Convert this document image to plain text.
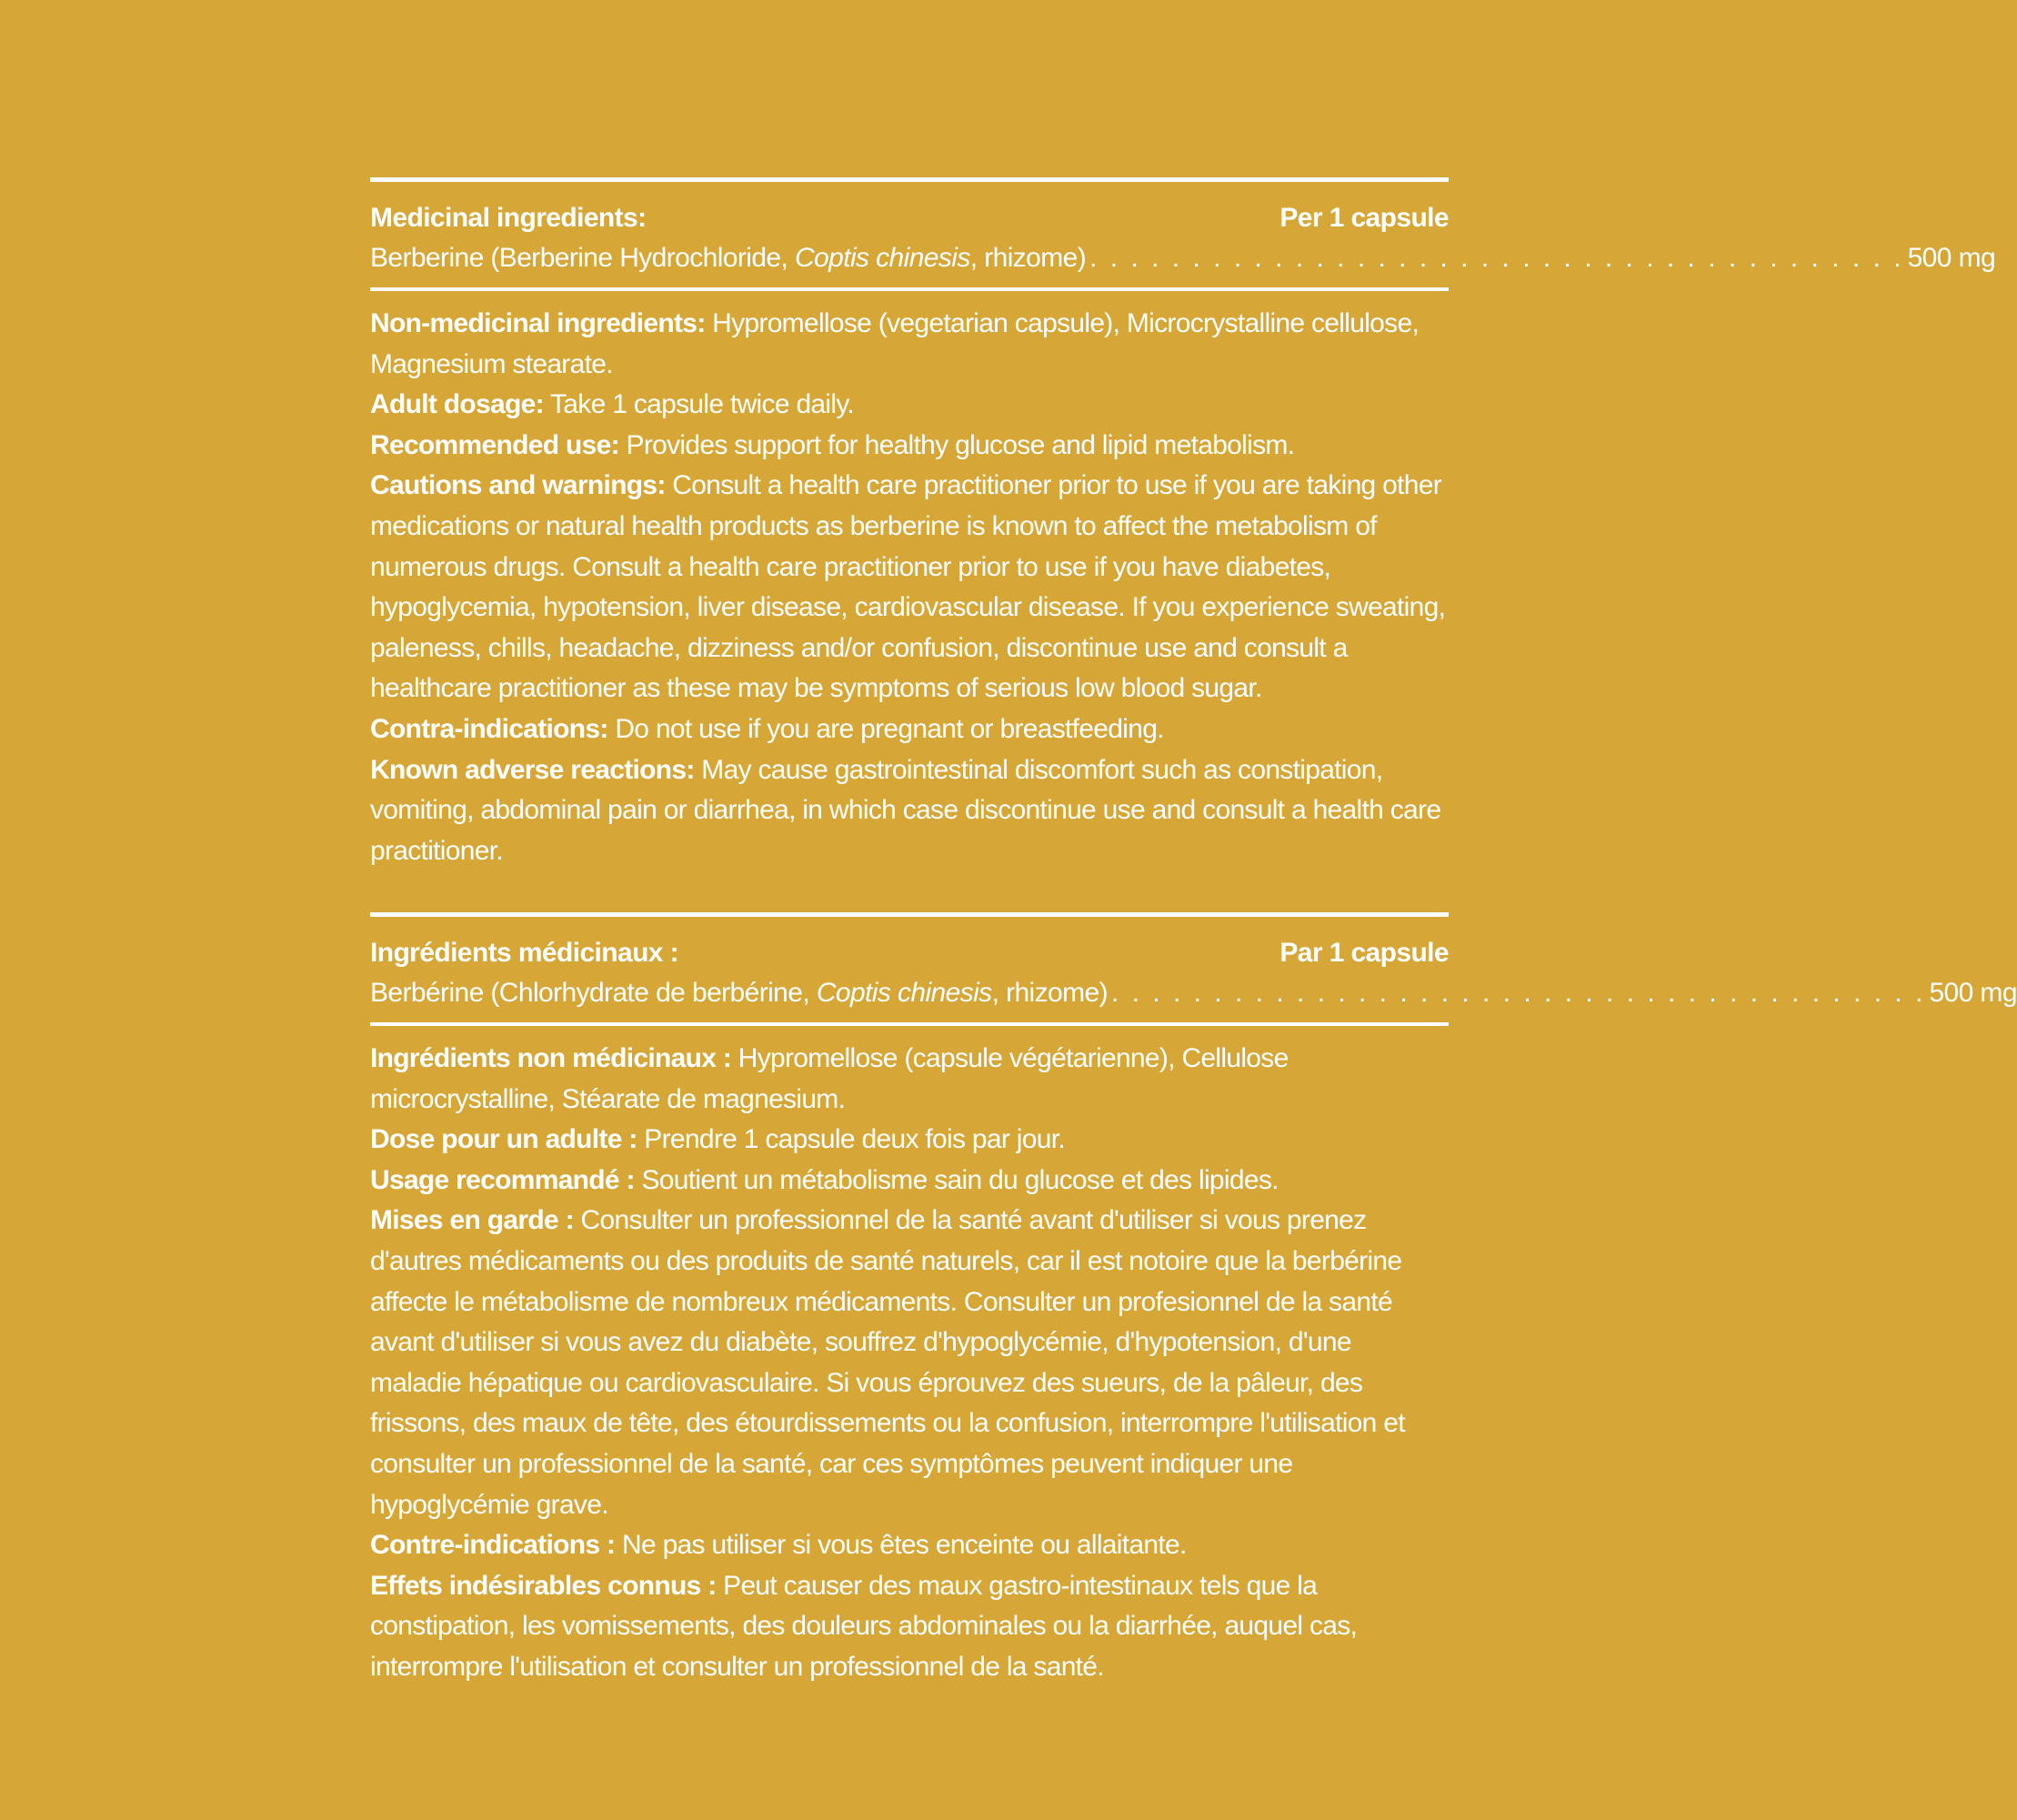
Medicinal ingredients:	Per 1 capsule
Berberine (Berberine Hydrochloride, Coptis chinesis, rhizome) . . . . . . . . . . . . . . . . . . . . . . . . . . . . . . . . . . . . . . . . 500 mg

Non-medicinal ingredients: Hypromellose (vegetarian capsule), Microcrystalline cellulose, Magnesium stearate.

Adult dosage: Take 1 capsule twice daily.

Recommended use: Provides support for healthy glucose and lipid metabolism.

Cautions and warnings: Consult a health care practitioner prior to use if you are taking other medications or natural health products as berberine is known to affect the metabolism of numerous drugs. Consult a health care practitioner prior to use if you have diabetes, hypoglycemia, hypotension, liver disease, cardiovascular disease. If you experience sweating, paleness, chills, headache, dizziness and/or confusion, discontinue use and consult a healthcare practitioner as these may be symptoms of serious low blood sugar.

Contra-indications: Do not use if you are pregnant or breastfeeding.

Known adverse reactions: May cause gastrointestinal discomfort such as constipation, vomiting, abdominal pain or diarrhea, in which case discontinue use and consult a health care practitioner.

Ingrédients médicinaux :	Par 1 capsule
Berbérine (Chlorhydrate de berbérine, Coptis chinesis, rhizome) . . . . . . . . . . . . . . . . . . . . . . . . . . . . . . . . . . . . . . . . 500 mg

Ingrédients non médicinaux : Hypromellose (capsule végétarienne), Cellulose microcrystalline, Stéarate de magnesium.

Dose pour un adulte : Prendre 1 capsule deux fois par jour.

Usage recommandé : Soutient un métabolisme sain du glucose et des lipides.

Mises en garde : Consulter un professionnel de la santé avant d'utiliser si vous prenez d'autres médicaments ou des produits de santé naturels, car il est notoire que la berbérine affecte le métabolisme de nombreux médicaments. Consulter un profesionnel de la santé avant d'utiliser si vous avez du diabète, souffrez d'hypoglycémie, d'hypotension, d'une maladie hépatique ou cardiovasculaire. Si vous éprouvez des sueurs, de la pâleur, des frissons, des maux de tête, des étourdissements ou la confusion, interrompre l'utilisation et consulter un professionnel de la santé, car ces symptômes peuvent indiquer une hypoglycémie grave.

Contre-indications : Ne pas utiliser si vous êtes enceinte ou allaitante.

Effets indésirables connus : Peut causer des maux gastro-intestinaux tels que la constipation, les vomissements, des douleurs abdominales ou la diarrhée, auquel cas, interrompre l'utilisation et consulter un professionnel de la santé.
